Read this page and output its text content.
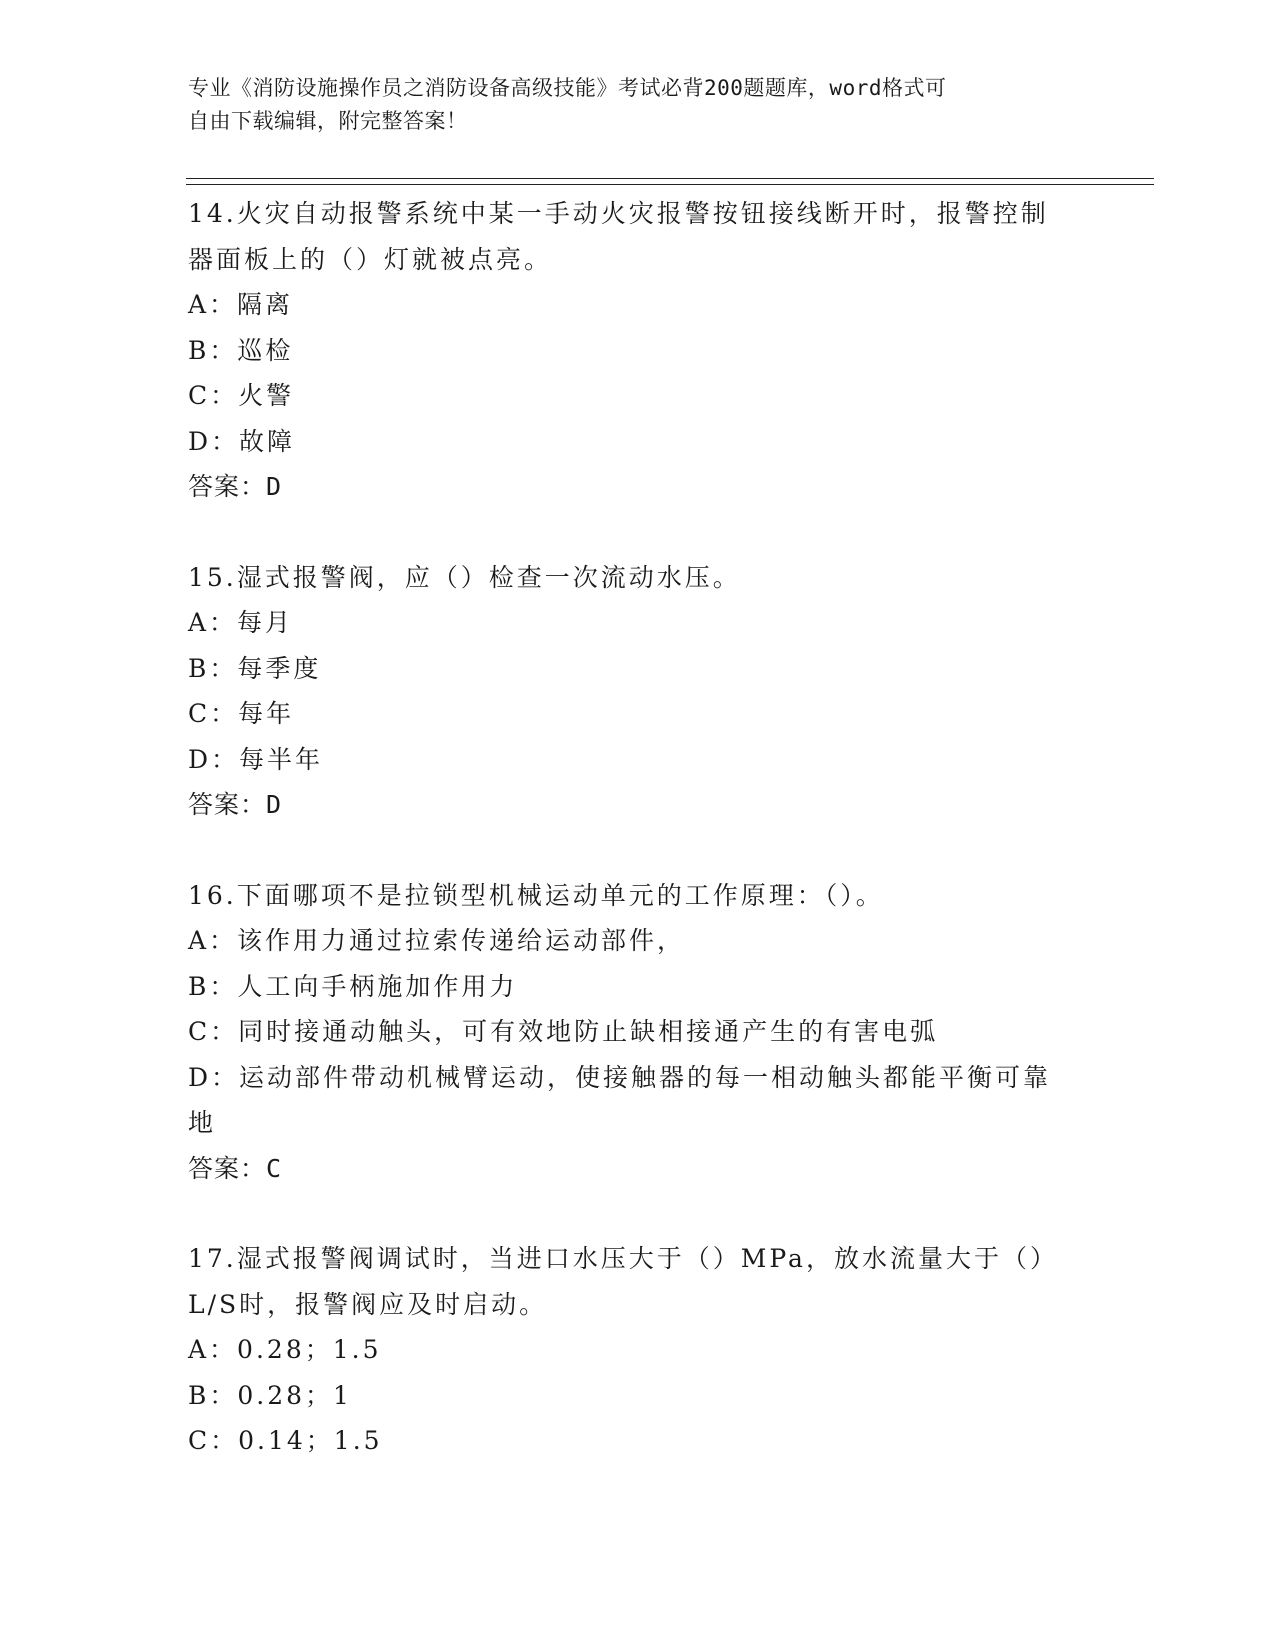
专业《消防设施操作员之消防设备高级技能》考试必背200题题库，word格式可
自由下载编辑，附完整答案！
14.火灾自动报警系统中某一手动火灾报警按钮接线断开时，报警控制
器面板上的（）灯就被点亮。
A：隔离
B：巡检
C：火警
D：故障
答案：D
15.湿式报警阀，应（）检查一次流动水压。
A：每月
B：每季度
C：每年
D：每半年
答案：D
16.下面哪项不是拉锁型机械运动单元的工作原理：（）。
A：该作用力通过拉索传递给运动部件，
B：人工向手柄施加作用力
C：同时接通动触头，可有效地防止缺相接通产生的有害电弧
D：运动部件带动机械臂运动，使接触器的每一相动触头都能平衡可靠
地
答案：C
17.湿式报警阀调试时，当进口水压大于（）MPa，放水流量大于（）
L/S时，报警阀应及时启动。
A：0.28；1.5
B：0.28；1
C：0.14；1.5
